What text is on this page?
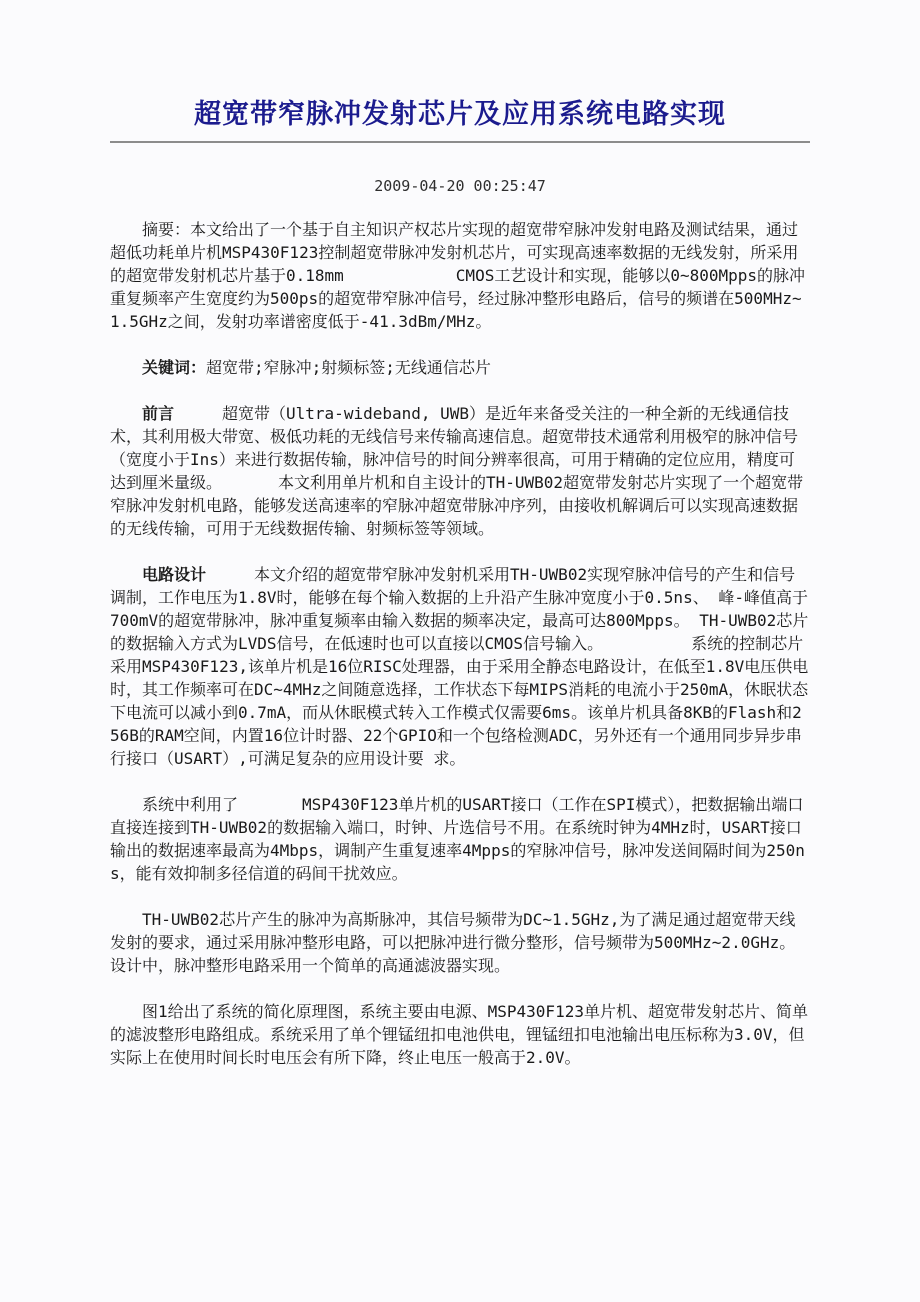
超宽带窄脉冲发射芯片及应用系统电路实现
2009-04-20 00:25:47

摘要：本文给出了一个基于自主知识产权芯片实现的超宽带窄脉冲发射电路及测试结果，通过超低功耗单片机MSP430F123控制超宽带脉冲发射机芯片，可实现高速率数据的无线发射，所采用的超宽带发射机芯片基于0.18mm　　　　　　　CMOS工艺设计和实现，能够以0~800Mpps的脉冲重复频率产生宽度约为500ps的超宽带窄脉冲信号，经过脉冲整形电路后，信号的频谱在500MHz~1.5GHz之间，发射功率谱密度低于-41.3dBm/MHz。

关键词：超宽带;窄脉冲;射频标签;无线通信芯片

前言　　　超宽带（Ultra-wideband, UWB）是近年来备受关注的一种全新的无线通信技术，其利用极大带宽、极低功耗的无线信号来传输高速信息。超宽带技术通常利用极窄的脉冲信号（宽度小于Ins）来进行数据传输，脉冲信号的时间分辨率很高，可用于精确的定位应用，精度可达到厘米量级。　　　　本文利用单片机和自主设计的TH-UWB02超宽带发射芯片实现了一个超宽带窄脉冲发射机电路，能够发送高速率的窄脉冲超宽带脉冲序列，由接收机解调后可以实现高速数据的无线传输，可用于无线数据传输、射频标签等领域。

电路设计　　　本文介绍的超宽带窄脉冲发射机采用TH-UWB02实现窄脉冲信号的产生和信号调制，工作电压为1.8V时，能够在每个输入数据的上升沿产生脉冲宽度小于0.5ns、 峰-峰值高于700mV的超宽带脉冲，脉冲重复频率由输入数据的频率决定，最高可达800Mpps。 TH-UWB02芯片的数据输入方式为LVDS信号，在低速时也可以直接以CMOS信号输入。　　　　　　系统的控制芯片采用MSP430F123,该单片机是16位RISC处理器，由于采用全静态电路设计，在低至1.8V电压供电时，其工作频率可在DC~4MHz之间随意选择，工作状态下每MIPS消耗的电流小于250mA，休眠状态下电流可以减小到0.7mA，而从休眠模式转入工作模式仅需要6ms。该单片机具备8KB的Flash和256B的RAM空间，内置16位计时器、22个GPIO和一个包络检测ADC，另外还有一个通用同步异步串行接口（USART）,可满足复杂的应用设计要 求。

系统中利用了　　　　MSP430F123单片机的USART接口（工作在SPI模式），把数据输出端口直接连接到TH-UWB02的数据输入端口，时钟、片选信号不用。在系统时钟为4MHz时，USART接口输出的数据速率最高为4Mbps，调制产生重复速率4Mpps的窄脉冲信号，脉冲发送间隔时间为250ns，能有效抑制多径信道的码间干扰效应。

TH-UWB02芯片产生的脉冲为高斯脉冲，其信号频带为DC~1.5GHz,为了满足通过超宽带天线发射的要求，通过采用脉冲整形电路，可以把脉冲进行微分整形，信号频带为500MHz~2.0GHz。设计中，脉冲整形电路采用一个简单的高通滤波器实现。

图1给出了系统的简化原理图，系统主要由电源、MSP430F123单片机、超宽带发射芯片、简单的滤波整形电路组成。系统采用了单个锂锰纽扣电池供电，锂锰纽扣电池输出电压标称为3.0V，但实际上在使用时间长时电压会有所下降，终止电压一般高于2.0V。
